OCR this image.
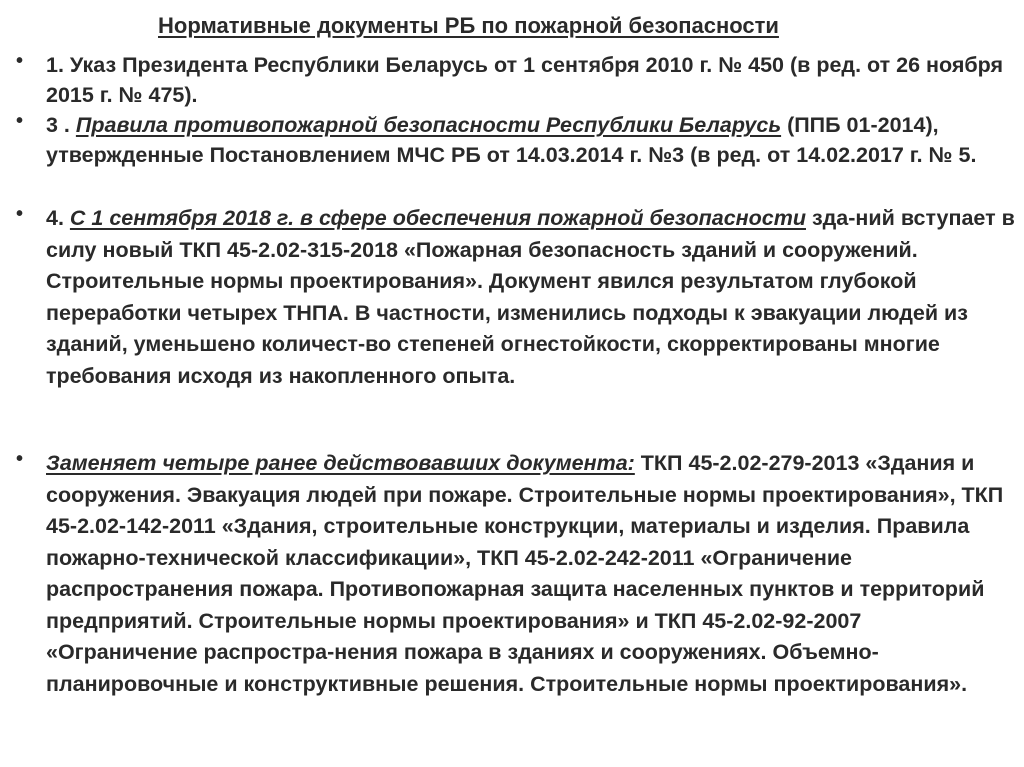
Нормативные документы РБ по пожарной безопасности
• 1. Указ Президента Республики Беларусь от 1 сентября 2010 г. № 450 (в ред. от 26 ноября 2015 г. № 475).
• 3 . Правила противопожарной безопасности Республики Беларусь (ППБ 01-2014), утвержденные Постановлением МЧС РБ от 14.03.2014 г. №3 (в ред. от 14.02.2017 г. № 5.
• 4. С 1 сентября 2018 г. в сфере обеспечения пожарной безопасности зда-ний вступает в силу новый ТКП 45-2.02-315-2018 «Пожарная безопасность зданий и сооружений. Строительные нормы проектирования». Документ явился результатом глубокой переработки четырех ТНПА. В частности, изменились подходы к эвакуации людей из зданий, уменьшено количест-во степеней огнестойкости, скорректированы многие требования исходя из накопленного опыта.
• Заменяет четыре ранее действовавших документа: ТКП 45-2.02-279-2013 «Здания и сооружения. Эвакуация людей при пожаре. Строительные нормы проектирования», ТКП 45-2.02-142-2011 «Здания, строительные конструкции, материалы и изделия. Правила пожарно-технической классификации», ТКП 45-2.02-242-2011 «Ограничение распространения пожара. Противопожарная защита населенных пунктов и территорий предприятий. Строительные нормы проектирования» и ТКП 45-2.02-92-2007 «Ограничение распростра-нения пожара в зданиях и сооружениях. Объемно-планировочные и конструктивные решения. Строительные нормы проектирования».
